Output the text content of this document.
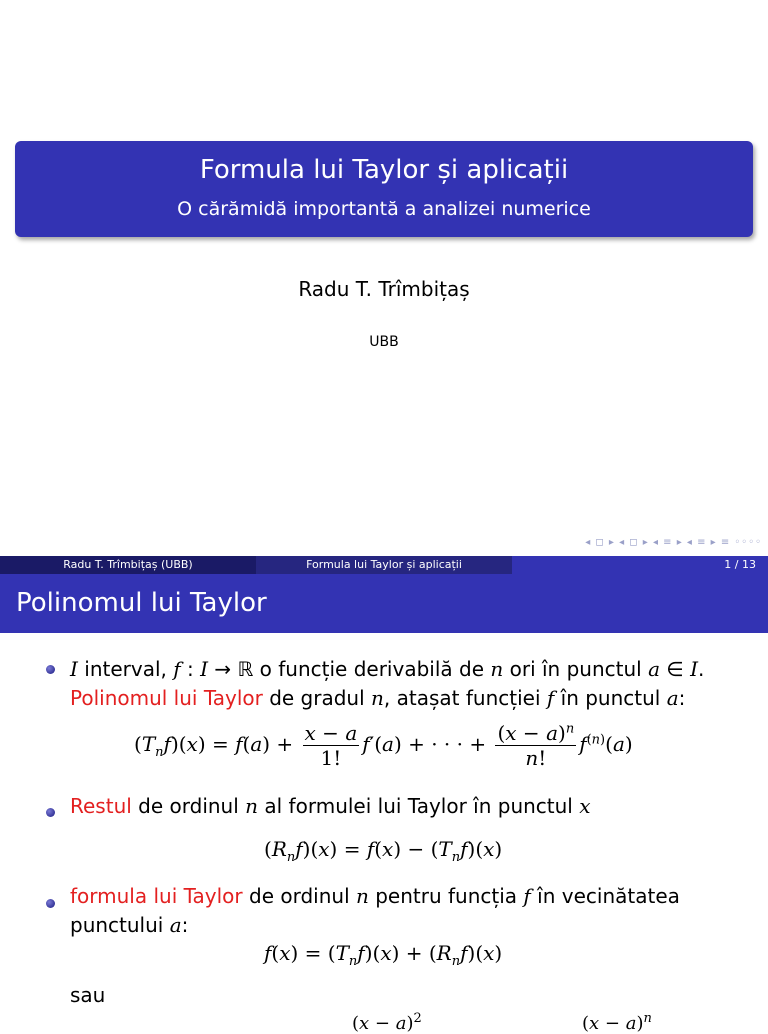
Formula lui Taylor și aplicații
O cărămidă importantă a analizei numerice
Radu T. Trîmbițaș
UBB
◂ ◻ ▸ ◂ ◻ ▸ ◂ ≡ ▸ ◂ ≡ ▸ ≡ ◦◦◦◦
Radu T. Trîmbițaș (UBB)	Formula lui Taylor și aplicații	1 / 13
Polinomul lui Taylor
I interval, f : I → ℝ o funcție derivabilă de n ori în punctul a ∈ I.
Polinomul lui Taylor de gradul n, atașat funcției f în punctul a:
$(T_nf)(x) = f(a) + \frac{x - a}{1!} f'(a)$ + · · · + $\frac{(x - a)^n}{n!} f^{(n)}(a)$
Restul de ordinul n al formulei lui Taylor în punctul x
$(R_nf)(x) = f(x) - (T_nf)(x)$
formula lui Taylor de ordinul n pentru funcția f în vecinătatea
punctului a:
$f(x) = (T_nf)(x) + (R_nf)(x)$
sau
$(x - a)^2$	$(x - a)^n$
